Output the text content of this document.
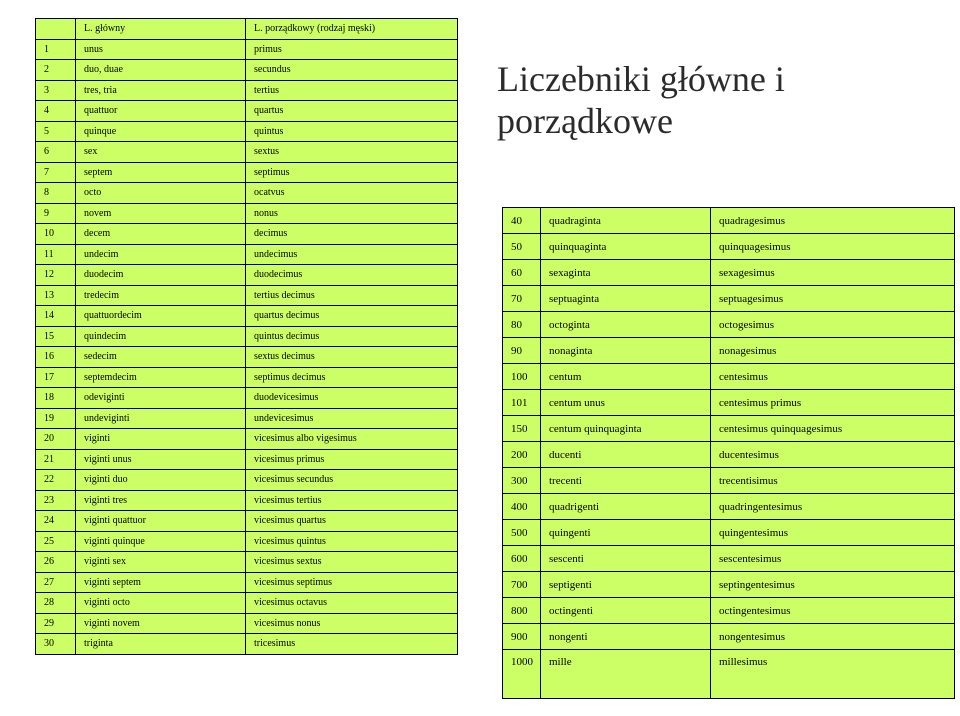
Liczebniki główne i porządkowe
	L. główny	L. porządkowy (rodzaj męski)
1	unus	primus
2	duo, duae	secundus
3	tres, tria	tertius
4	quattuor	quartus
5	quinque	quintus
6	sex	sextus
7	septem	septimus
8	octo	ocatvus
9	novem	nonus
10	decem	decimus
11	undecim	undecimus
12	duodecim	duodecimus
13	tredecim	tertius decimus
14	quattuordecim	quartus decimus
15	quindecim	quintus decimus
16	sedecim	sextus decimus
17	septemdecim	septimus decimus
18	odeviginti	duodevicesimus
19	undeviginti	undevicesimus
20	viginti	vicesimus albo vigesimus
21	viginti unus	vicesimus primus
22	viginti duo	vicesimus secundus
23	viginti tres	vicesimus tertius
24	viginti quattuor	vicesimus quartus
25	viginti quinque	vicesimus quintus
26	viginti sex	vicesimus sextus
27	viginti septem	vicesimus septimus
28	viginti octo	vicesimus octavus
29	viginti novem	vicesimus nonus
30	triginta	tricesimus
40	quadraginta	quadragesimus
50	quinquaginta	quinquagesimus
60	sexaginta	sexagesimus
70	septuaginta	septuagesimus
80	octoginta	octogesimus
90	nonaginta	nonagesimus
100	centum	centesimus
101	centum unus	centesimus primus
150	centum quinquaginta	centesimus quinquagesimus
200	ducenti	ducentesimus
300	trecenti	trecentisimus
400	quadrigenti	quadringentesimus
500	quingenti	quingentesimus
600	sescenti	sescentesimus
700	septigenti	septingentesimus
800	octingenti	octingentesimus
900	nongenti	nongentesimus
1000	mille	millesimus
